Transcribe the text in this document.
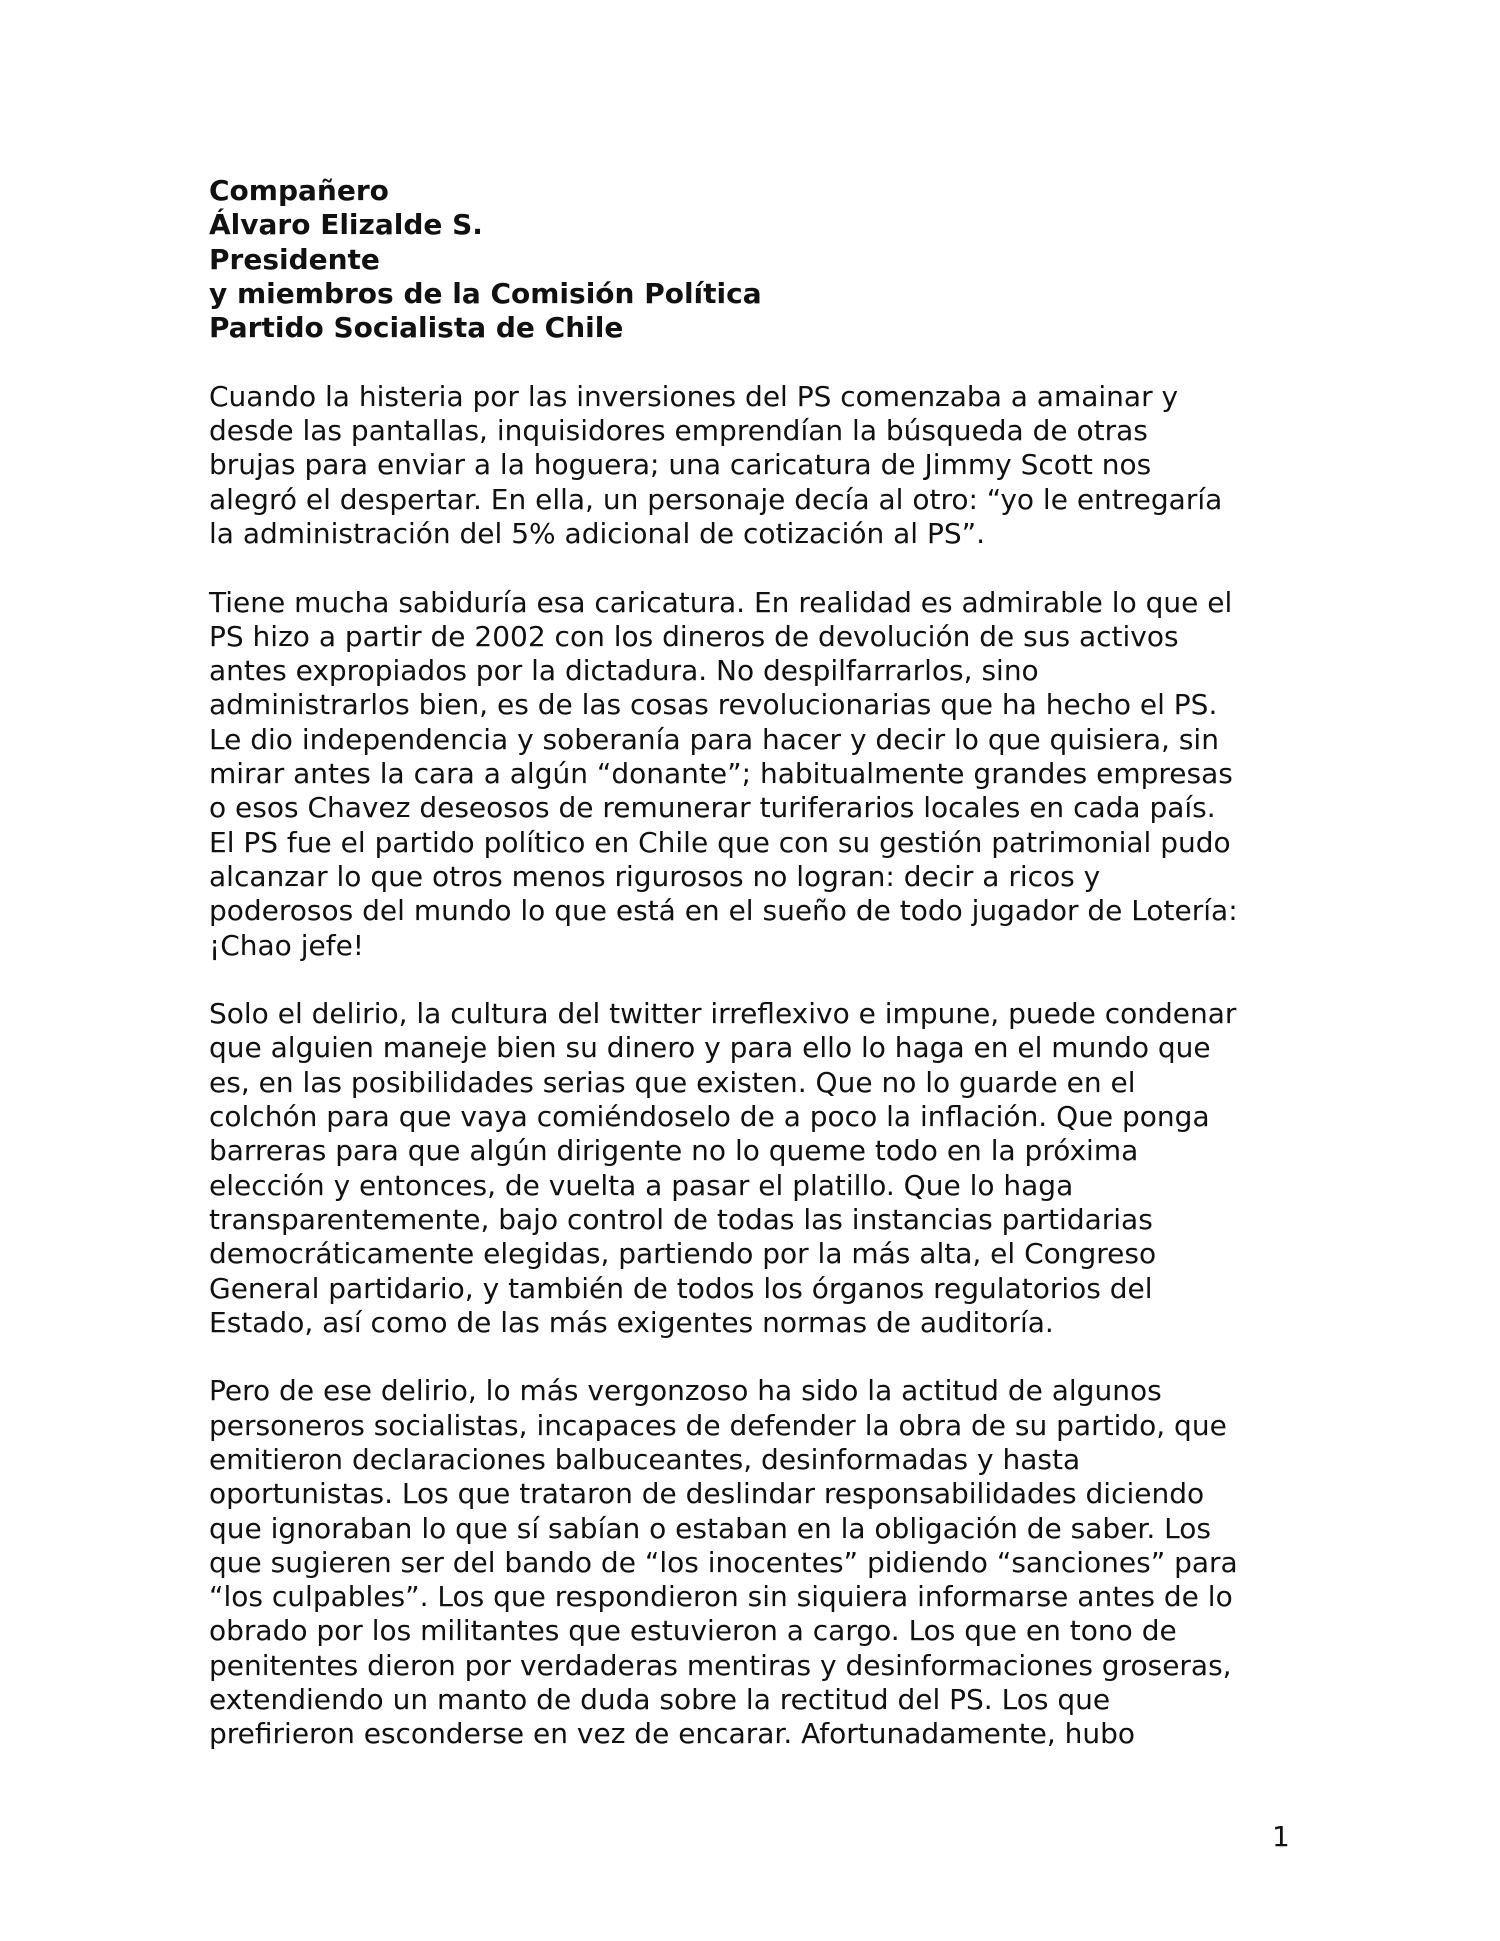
Compañero
Álvaro Elizalde S.
Presidente
y miembros de la Comisión Política
Partido Socialista de Chile
Cuando la histeria por las inversiones del PS comenzaba a amainar y
desde las pantallas, inquisidores emprendían la búsqueda de otras
brujas para enviar a la hoguera; una caricatura de Jimmy Scott nos
alegró el despertar. En ella, un personaje decía al otro: “yo le entregaría
la administración del 5% adicional de cotización al PS”.
Tiene mucha sabiduría esa caricatura. En realidad es admirable lo que el
PS hizo a partir de 2002 con los dineros de devolución de sus activos
antes expropiados por la dictadura. No despilfarrarlos, sino
administrarlos bien, es de las cosas revolucionarias que ha hecho el PS.
Le dio independencia y soberanía para hacer y decir lo que quisiera, sin
mirar antes la cara a algún “donante”; habitualmente grandes empresas
o esos Chavez deseosos de remunerar turiferarios locales en cada país.
El PS fue el partido político en Chile que con su gestión patrimonial pudo
alcanzar lo que otros menos rigurosos no logran: decir a ricos y
poderosos del mundo lo que está en el sueño de todo jugador de Lotería:
¡Chao jefe!
Solo el delirio, la cultura del twitter irreflexivo e impune, puede condenar
que alguien maneje bien su dinero y para ello lo haga en el mundo que
es, en las posibilidades serias que existen. Que no lo guarde en el
colchón para que vaya comiéndoselo de a poco la inflación. Que ponga
barreras para que algún dirigente no lo queme todo en la próxima
elección y entonces, de vuelta a pasar el platillo. Que lo haga
transparentemente, bajo control de todas las instancias partidarias
democráticamente elegidas, partiendo por la más alta, el Congreso
General partidario, y también de todos los órganos regulatorios del
Estado, así como de las más exigentes normas de auditoría.
Pero de ese delirio, lo más vergonzoso ha sido la actitud de algunos
personeros socialistas, incapaces de defender la obra de su partido, que
emitieron declaraciones balbuceantes, desinformadas y hasta
oportunistas. Los que trataron de deslindar responsabilidades diciendo
que ignoraban lo que sí sabían o estaban en la obligación de saber. Los
que sugieren ser del bando de “los inocentes” pidiendo “sanciones” para
“los culpables”. Los que respondieron sin siquiera informarse antes de lo
obrado por los militantes que estuvieron a cargo. Los que en tono de
penitentes dieron por verdaderas mentiras y desinformaciones groseras,
extendiendo un manto de duda sobre la rectitud del PS. Los que
prefirieron esconderse en vez de encarar. Afortunadamente, hubo
1
